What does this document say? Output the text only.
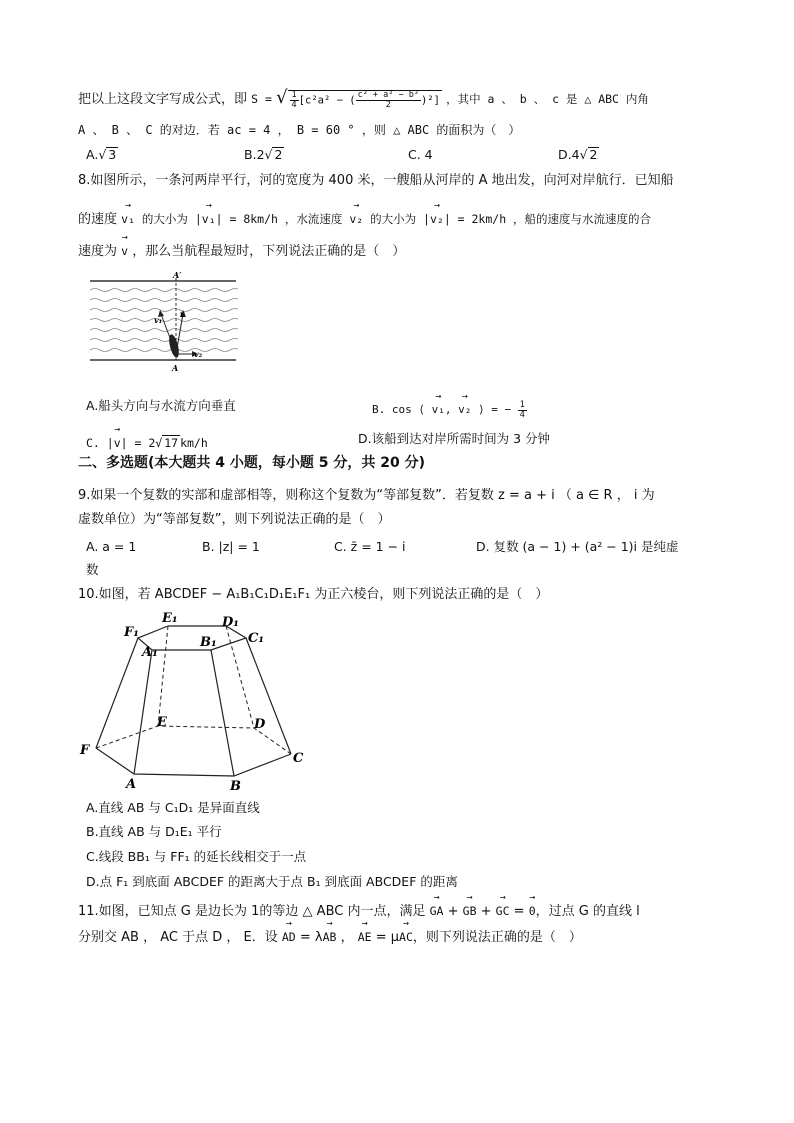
把以上这段文字写成公式，即 S = √ $\frac{1}{4} [c^2a^2$ − ( $\frac{\text{c² + a² − b²}}{2} )^2$] ，其中 a 、 b 、 c 是 △ ABC 内角
A 、 B 、 C 的对边．若 ac = 4 ， B = 60 ° ，则 △ ABC 的面积为（　）
A.√ 3	B.2√ 2	C. 4	D.4√ 2
8.如图所示，一条河两岸平行，河的宽度为 400 米，一艘船从河岸的 A 地出发，向河对岸航行．已知船
的速度 → v₁ 的大小为 |→ v₁| = 8km/h ，水流速度 → v₂ 的大小为 |→ v₂| = 2km/h ，船的速度与水流速度的合
速度为 → v ，那么当航程最短时，下列说法正确的是（　）
A′
A
v
v₁
v₂
A.船头方向与水流方向垂直	B. cos ⟨ → v₁, → v₂ ⟩ = − $\frac{1}{4}$
C. |→ v| = 2√ 17 km/h	D.该船到达对岸所需时间为 3 分钟
二、多选题(本大题共 4 小题，每小题 5 分，共 20 分)
9.如果一个复数的实部和虚部相等，则称这个复数为“等部复数”．若复数 z = a + i （ a ∈ R ， i 为
虚数单位）为“等部复数”，则下列说法正确的是（　）
A. a = 1	B. |z| = 1	C. z̄ = 1 − i	D. 复数 (a − 1) + (a² − 1)i 是纯虚
数
10.如图，若 ABCDEF − A₁B₁C₁D₁E₁F₁ 为正六棱台，则下列说法正确的是（　）
E₁	D₁
F₁	C₁
A₁
B₁
E	D
F
C
A	B
A.直线 AB 与 C₁D₁ 是异面直线
B.直线 AB 与 D₁E₁ 平行
C.线段 BB₁ 与 FF₁ 的延长线相交于一点
D.点 F₁ 到底面 ABCDEF 的距离大于点 B₁ 到底面 ABCDEF 的距离
11.如图，已知点 G 是边长为 1的等边 △ ABC 内一点，满足 → GA + → GB + → GC = → 0，过点 G 的直线 l
分别交 AB ， AC 于点 D ， E．设 → AD = λ→ AB ， → AE = μ→ AC，则下列说法正确的是（　）
